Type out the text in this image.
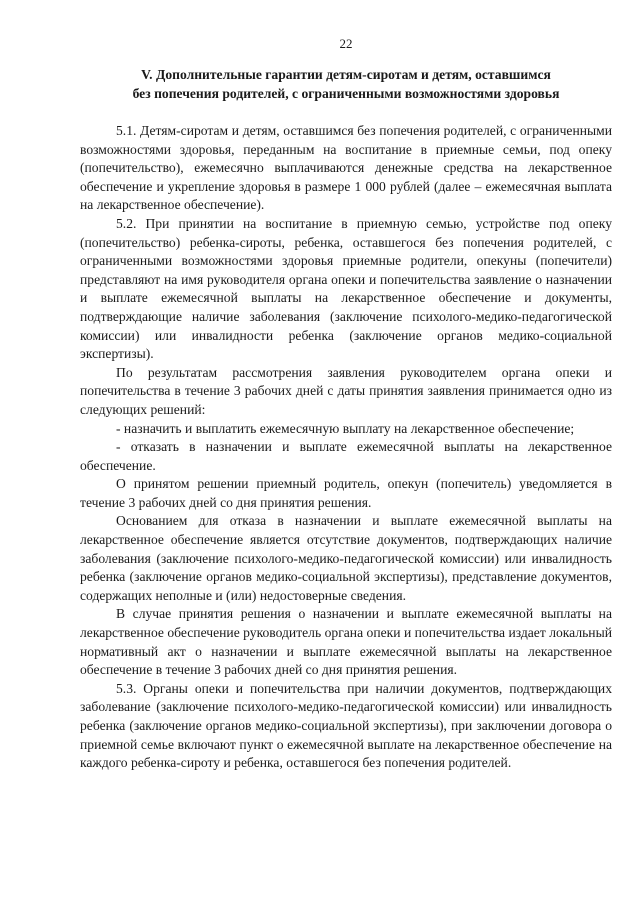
22
V. Дополнительные гарантии детям-сиротам и детям, оставшимся
без попечения родителей, с ограниченными возможностями здоровья

5.1. Детям-сиротам и детям, оставшимся без попечения родителей, с ограниченными возможностями здоровья, переданным на воспитание в приемные семьи, под опеку (попечительство), ежемесячно выплачиваются денежные средства на лекарственное обеспечение и укрепление здоровья в размере 1 000 рублей (далее – ежемесячная выплата на лекарственное обеспечение).

5.2. При принятии на воспитание в приемную семью, устройстве под опеку (попечительство) ребенка-сироты, ребенка, оставшегося без попечения родителей, с ограниченными возможностями здоровья приемные родители, опекуны (попечители) представляют на имя руководителя органа опеки и попечительства заявление о назначении и выплате ежемесячной выплаты на лекарственное обеспечение и документы, подтверждающие наличие заболевания (заключение психолого-медико-педагогической комиссии) или инвалидности ребенка (заключение органов медико-социальной экспертизы).

По результатам рассмотрения заявления руководителем органа опеки и попечительства в течение 3 рабочих дней с даты принятия заявления принимается одно из следующих решений:

- назначить и выплатить ежемесячную выплату на лекарственное обеспечение;

- отказать в назначении и выплате ежемесячной выплаты на лекарственное обеспечение.

О принятом решении приемный родитель, опекун (попечитель) уведомляется в течение 3 рабочих дней со дня принятия решения.

Основанием для отказа в назначении и выплате ежемесячной выплаты на лекарственное обеспечение является отсутствие документов, подтверждающих наличие заболевания (заключение психолого-медико-педагогической комиссии) или инвалидность ребенка (заключение органов медико-социальной экспертизы), представление документов, содержащих неполные и (или) недостоверные сведения.

В случае принятия решения о назначении и выплате ежемесячной выплаты на лекарственное обеспечение руководитель органа опеки и попечительства издает локальный нормативный акт о назначении и выплате ежемесячной выплаты на лекарственное обеспечение в течение 3 рабочих дней со дня принятия решения.

5.3. Органы опеки и попечительства при наличии документов, подтверждающих заболевание (заключение психолого-медико-педагогической комиссии) или инвалидность ребенка (заключение органов медико-социальной экспертизы), при заключении договора о приемной семье включают пункт о ежемесячной выплате на лекарственное обеспечение на каждого ребенка-сироту и ребенка, оставшегося без попечения родителей.
